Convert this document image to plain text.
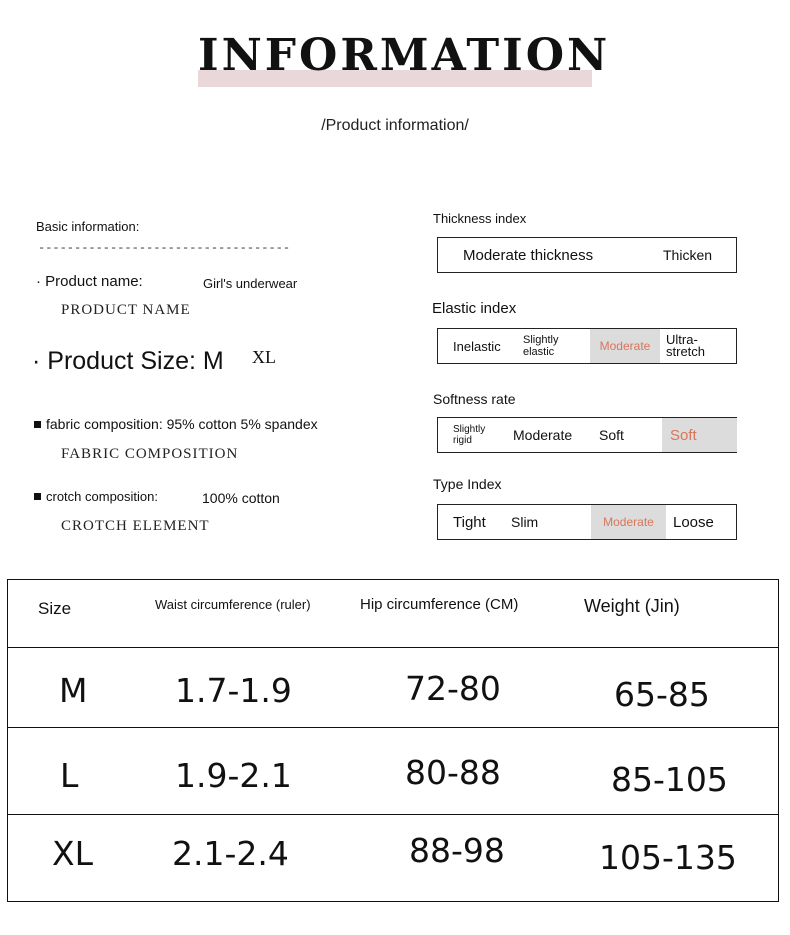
INFORMATION
/Product information/
Basic information:
-----------------------------------
· Product name:	Girl's underwear
PRODUCT NAME
· Product Size: M XL
fabric composition: 95% cotton 5% spandex
FABRIC COMPOSITION
crotch composition:	100% cotton
CROTCH ELEMENT
Thickness index
Moderate thickness	Thicken
Elastic index
Inelastic Slightly elastic	Moderate	Ultra-stretch
Softness rate
Slightly rigid	Moderate Soft	Soft
Type Index
Tight Slim	Moderate	Loose
Size	Waist circumference (ruler)	Hip circumference (CM)	Weight (Jin)
M	1.7-1.9	72-80	65-85
L	1.9-2.1	80-88	85-105
XL 2.1-2.4	88-98	105-135
